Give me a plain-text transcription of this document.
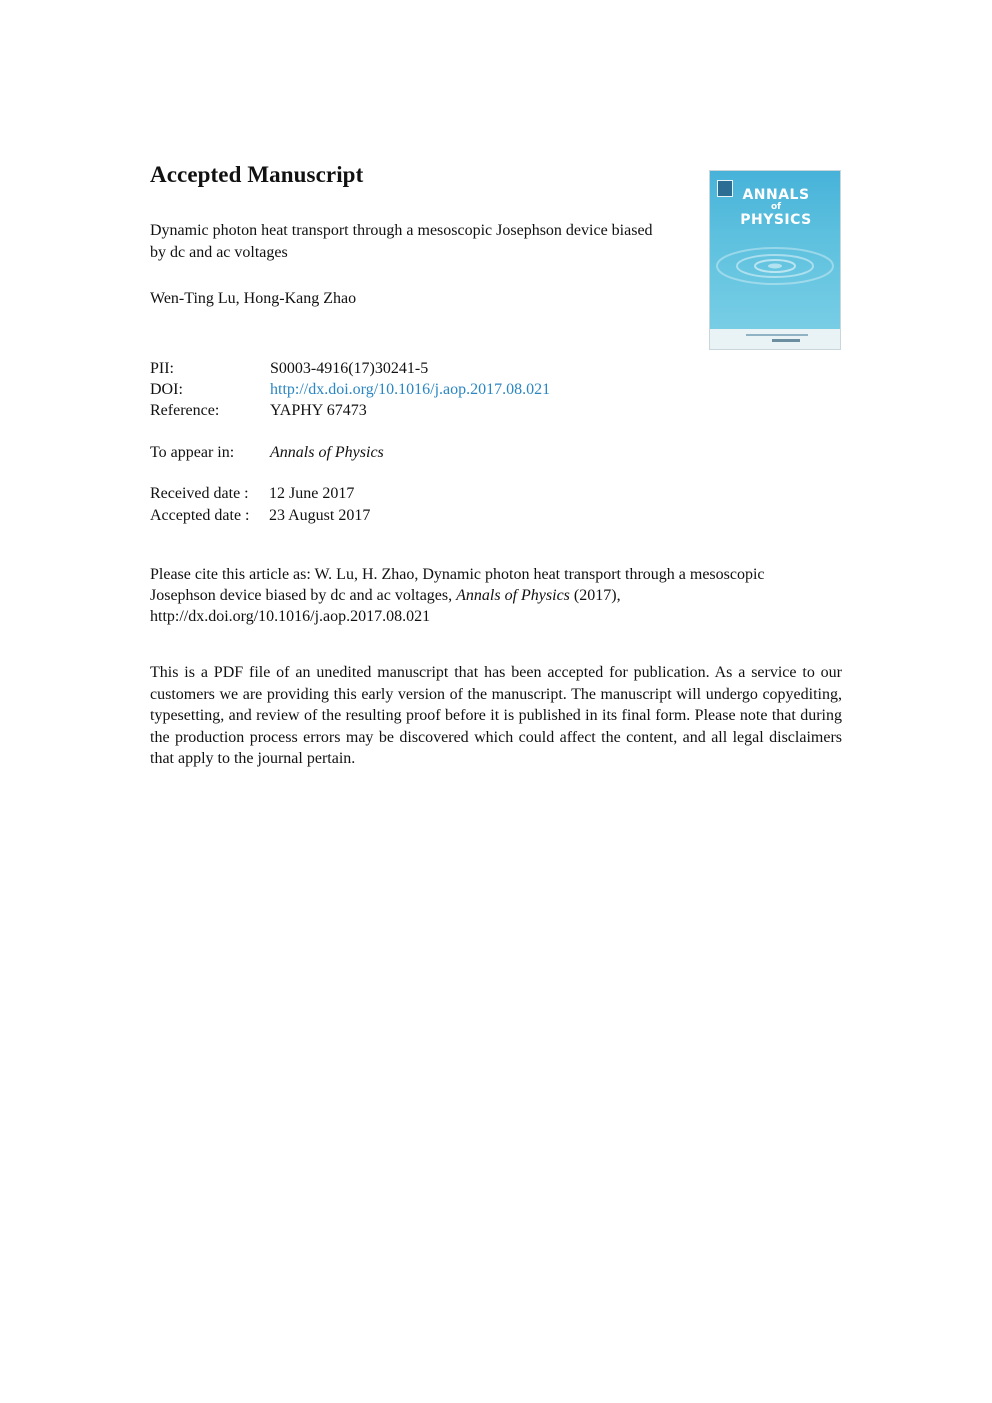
Accepted Manuscript
Dynamic photon heat transport through a mesoscopic Josephson device biased by dc and ac voltages
Wen-Ting Lu, Hong-Kang Zhao
PII:	S0003-4916(17)30241-5
DOI:	http://dx.doi.org/10.1016/j.aop.2017.08.021
Reference:	YAPHY 67473
To appear in: Annals of Physics
Received date : 12 June 2017
Accepted date : 23 August 2017
Please cite this article as: W. Lu, H. Zhao, Dynamic photon heat transport through a mesoscopic Josephson device biased by dc and ac voltages, Annals of Physics (2017),
http://dx.doi.org/10.1016/j.aop.2017.08.021
This is a PDF file of an unedited manuscript that has been accepted for publication. As a service to our customers we are providing this early version of the manuscript. The manuscript will undergo copyediting, typesetting, and review of the resulting proof before it is published in its final form. Please note that during the production process errors may be discovered which could affect the content, and all legal disclaimers that apply to the journal pertain.
ANNALS
of
PHYSICS
